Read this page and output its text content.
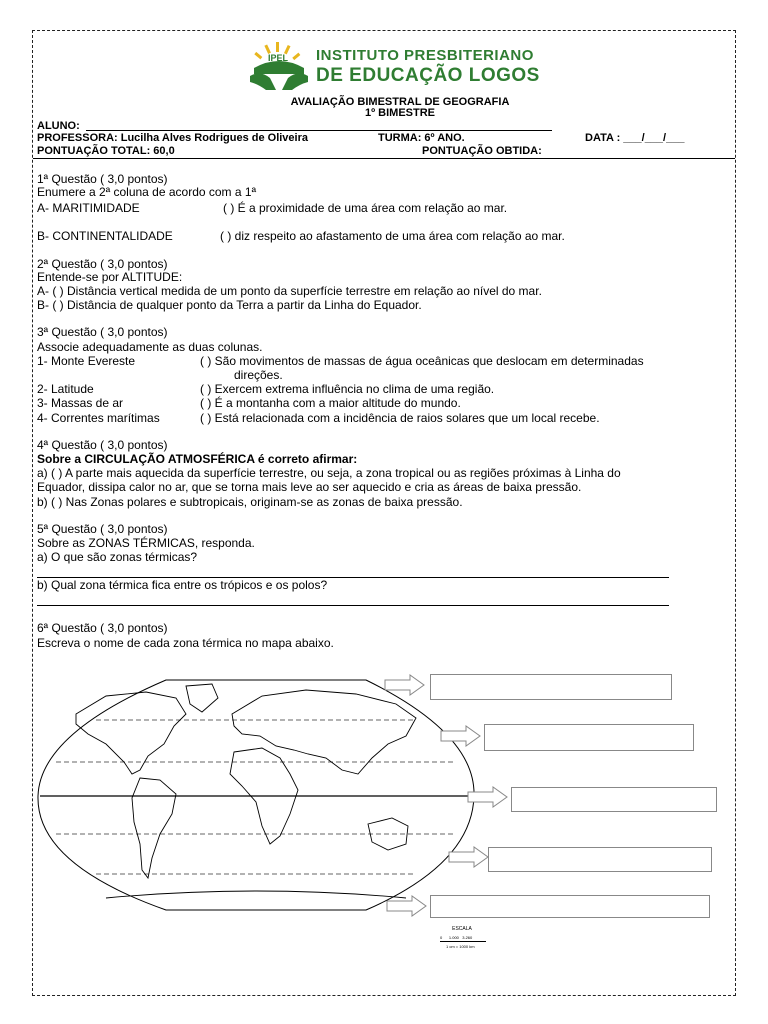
IPEL INSTITUTO PRESBITERIANO
DE EDUCAÇÃO LOGOS
AVALIAÇÃO BIMESTRAL DE GEOGRAFIA
1º BIMESTRE
ALUNO:
PROFESSORA: Lucilha Alves Rodrigues de Oliveira	TURMA: 6º ANO.	DATA : ___/___/___
PONTUAÇÃO TOTAL: 60,0	PONTUAÇÃO OBTIDA:
1ª Questão ( 3,0 pontos)
Enumere a 2ª coluna de acordo com a 1ª
A- MARITIMIDADE	( ) É a proximidade de uma área com relação ao mar.
B- CONTINENTALIDADE	( ) diz respeito ao afastamento de uma área com relação ao mar.
2ª Questão ( 3,0 pontos)
Entende-se por ALTITUDE:
A- ( ) Distância vertical medida de um ponto da superfície terrestre em relação ao nível do mar.
B- ( ) Distância de qualquer ponto da Terra a partir da Linha do Equador.
3ª Questão ( 3,0 pontos)
Associe adequadamente as duas colunas.
1- Monte Evereste	( ) São movimentos de massas de água oceânicas que deslocam em determinadas
direções.
2- Latitude	( ) Exercem extrema influência no clima de uma região.
3- Massas de ar	( ) É a montanha com a maior altitude do mundo.
4- Correntes marítimas	( ) Está relacionada com a incidência de raios solares que um local recebe.
4ª Questão ( 3,0 pontos)
Sobre a CIRCULAÇÃO ATMOSFÉRICA é correto afirmar:
a) ( ) A parte mais aquecida da superfície terrestre, ou seja, a zona tropical ou as regiões próximas à Linha do
Equador, dissipa calor no ar, que se torna mais leve ao ser aquecido e cria as áreas de baixa pressão.
b) ( ) Nas Zonas polares e subtropicais, originam-se as zonas de baixa pressão.
5ª Questão ( 3,0 pontos)
Sobre as ZONAS TÉRMICAS, responda.
a) O que são zonas térmicas?
b) Qual zona térmica fica entre os trópicos e os polos?
6ª Questão ( 3,0 pontos)
Escreva o nome de cada zona térmica no mapa abaixo.
ESCALA
0      1.000   3.260
1 cm = 1000 km
